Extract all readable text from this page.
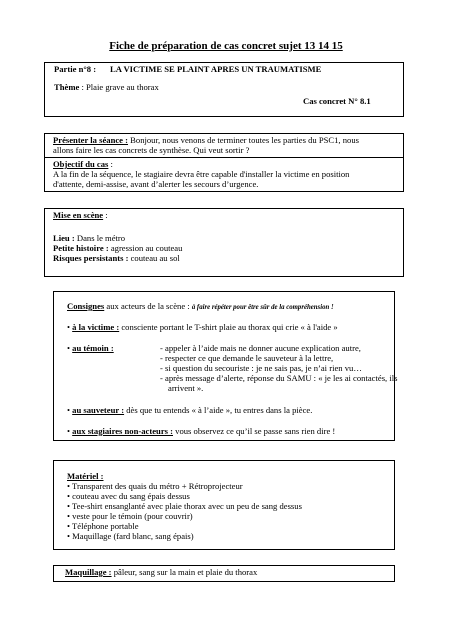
Fiche de préparation de cas concret sujet 13 14 15
Partie n°8 : LA VICTIME SE PLAINT APRES UN TRAUMATISME
Thème : Plaie grave au thorax
Cas concret N° 8.1
Présenter la séance : Bonjour, nous venons de terminer toutes les parties du PSC1, nous
allons faire les cas concrets de synthèse. Qui veut sortir ?
Objectif du cas :
A la fin de la séquence, le stagiaire devra être capable d'installer la victime en position
d'attente, demi-assise, avant d’alerter les secours d’urgence.
Mise en scène :
Lieu : Dans le métro
Petite histoire : agression au couteau
Risques persistants : couteau au sol
Consignes aux acteurs de la scène : à faire répéter pour être sûr de la compréhension !
• à la victime : consciente portant le T-shirt plaie au thorax qui crie « à l'aide »
• au témoin :	- appeler à l’aide mais ne donner aucune explication autre,
- respecter ce que demande le sauveteur à la lettre,
- si question du secouriste : je ne sais pas, je n’ai rien vu…
- après message d’alerte, réponse du SAMU : « je les ai contactés, ils
arrivent ».
• au sauveteur : dès que tu entends « à l’aide », tu entres dans la pièce.
• aux stagiaires non-acteurs : vous observez ce qu’il se passe sans rien dire !
Matériel :
• Transparent des quais du métro + Rétroprojecteur
• couteau avec du sang épais dessus
• Tee-shirt ensanglanté avec plaie thorax avec un peu de sang dessus
• veste pour le témoin (pour couvrir)
• Téléphone portable
• Maquillage (fard blanc, sang épais)
Maquillage : pâleur, sang sur la main et plaie du thorax
